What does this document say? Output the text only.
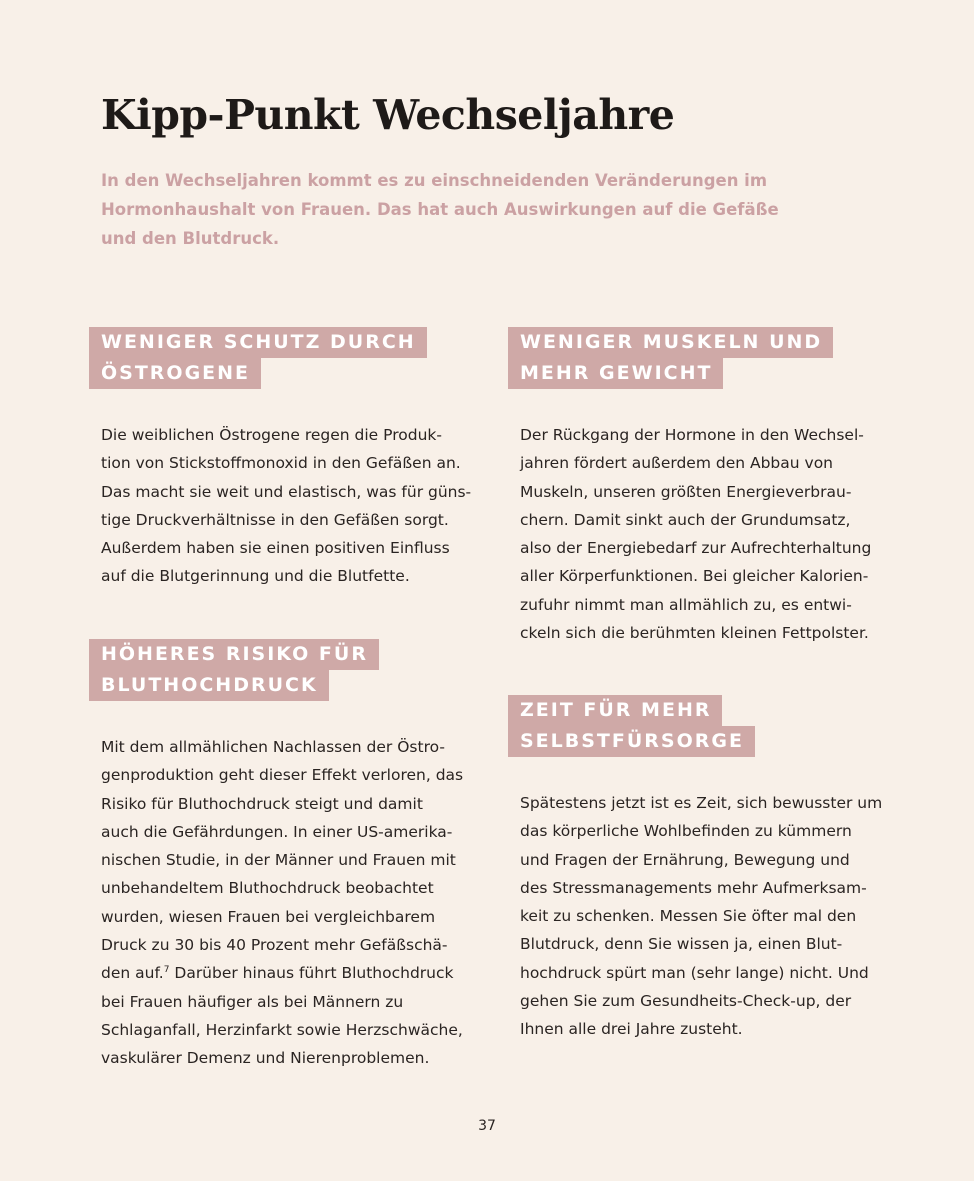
Kipp-Punkt Wechseljahre

In den Wechseljahren kommt es zu einschneidenden Veränderungen im
Hormonhaushalt von Frauen. Das hat auch Auswirkungen auf die Gefäße
und den Blutdruck.

WENIGER SCHUTZ DURCH
ÖSTROGENE
Die weiblichen Östrogene regen die Produk-
tion von Stickstoffmonoxid in den Gefäßen an.
Das macht sie weit und elastisch, was für güns-
tige Druckverhältnisse in den Gefäßen sorgt.
Außerdem haben sie einen positiven Einfluss
auf die Blutgerinnung und die Blutfette.
HÖHERES RISIKO FÜR
BLUTHOCHDRUCK
Mit dem allmählichen Nachlassen der Östro-
genproduktion geht dieser Effekt verloren, das
Risiko für Bluthochdruck steigt und damit
auch die Gefährdungen. In einer US-amerika-
nischen Studie, in der Männer und Frauen mit
unbehandeltem Bluthochdruck beobachtet
wurden, wiesen Frauen bei vergleichbarem
Druck zu 30 bis 40 Prozent mehr Gefäßschä-
den auf.$^7$ Darüber hinaus führt Bluthochdruck
bei Frauen häufiger als bei Männern zu
Schlaganfall, Herzinfarkt sowie Herzschwäche,
vaskulärer Demenz und Nierenproblemen.
WENIGER MUSKELN UND
MEHR GEWICHT
Der Rückgang der Hormone in den Wechsel-
jahren fördert außerdem den Abbau von
Muskeln, unseren größten Energieverbrau-
chern. Damit sinkt auch der Grundumsatz,
also der Energiebedarf zur Aufrechterhaltung
aller Körperfunktionen. Bei gleicher Kalorien-
zufuhr nimmt man allmählich zu, es entwi-
ckeln sich die berühmten kleinen Fettpolster.
ZEIT FÜR MEHR
SELBSTFÜRSORGE
Spätestens jetzt ist es Zeit, sich bewusster um
das körperliche Wohlbefinden zu kümmern
und Fragen der Ernährung, Bewegung und
des Stressmanagements mehr Aufmerksam-
keit zu schenken. Messen Sie öfter mal den
Blutdruck, denn Sie wissen ja, einen Blut-
hochdruck spürt man (sehr lange) nicht. Und
gehen Sie zum Gesundheits-Check-up, der
Ihnen alle drei Jahre zusteht.
37
